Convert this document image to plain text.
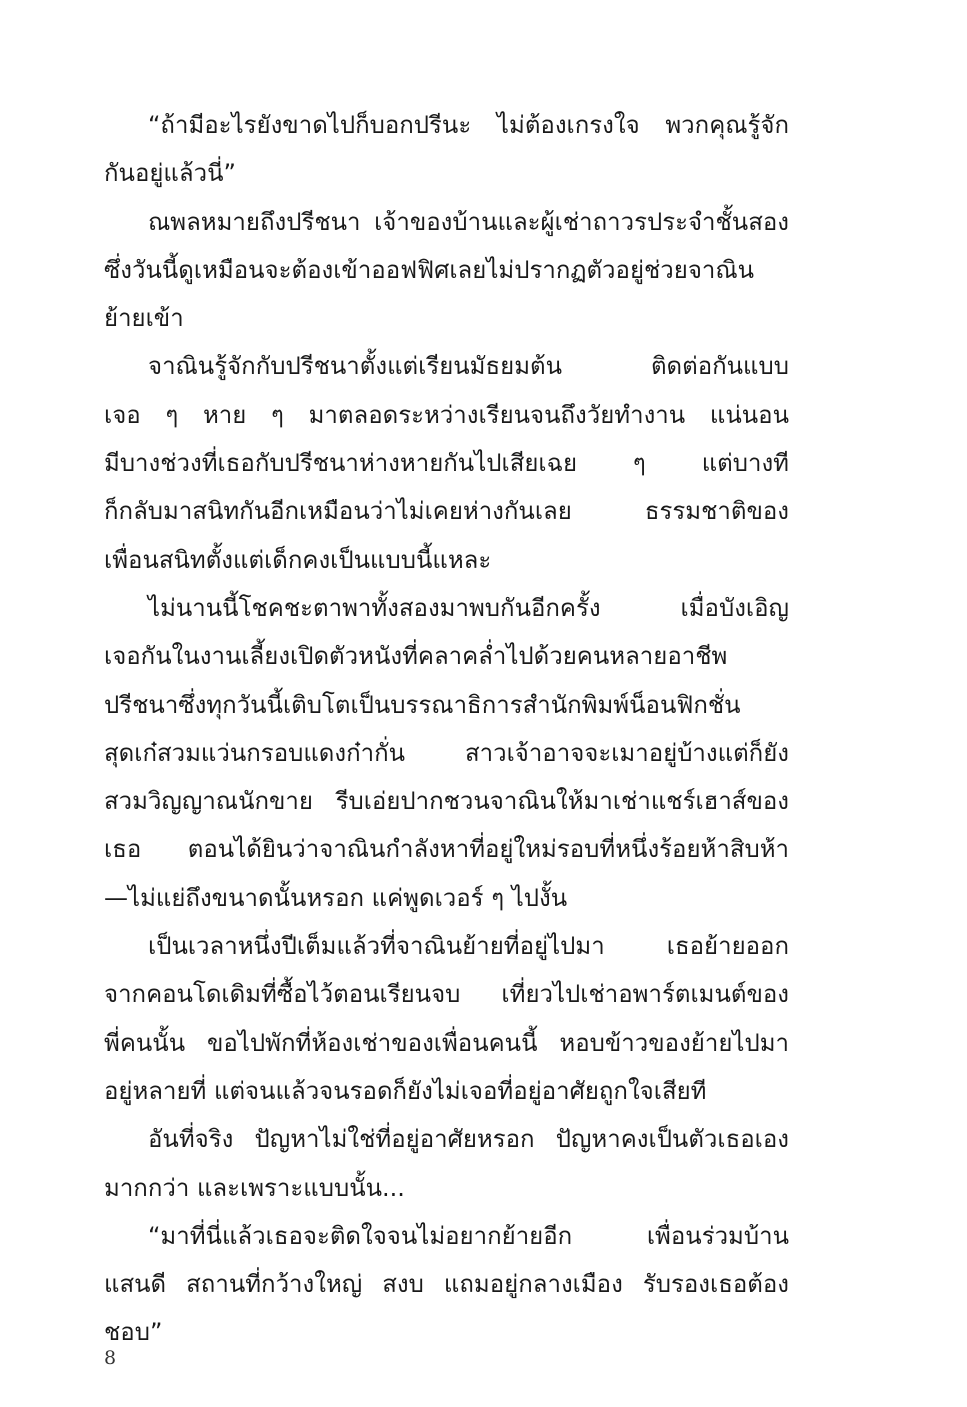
“ถ้ามีอะไรยังขาดไปก็บอกปรีนะ ไม่ต้องเกรงใจ พวกคุณรู้จัก
กันอยู่แล้วนี่”

ณพลหมายถึงปรีชนา เจ้าของบ้านและผู้เช่าถาวรประจำชั้นสอง
ซึ่งวันนี้ดูเหมือนจะต้องเข้าออฟฟิศเลยไม่ปรากฏตัวอยู่ช่วยจาณิน
ย้ายเข้า

จาณินรู้จักกับปรีชนาตั้งแต่เรียนมัธยมต้น ติดต่อกันแบบ
เจอ ๆ หาย ๆ มาตลอดระหว่างเรียนจนถึงวัยทำงาน แน่นอน
มีบางช่วงที่เธอกับปรีชนาห่างหายกันไปเสียเฉย ๆ แต่บางที
ก็กลับมาสนิทกันอีกเหมือนว่าไม่เคยห่างกันเลย ธรรมชาติของ
เพื่อนสนิทตั้งแต่เด็กคงเป็นแบบนี้แหละ

ไม่นานนี้โชคชะตาพาทั้งสองมาพบกันอีกครั้ง เมื่อบังเอิญ
เจอกันในงานเลี้ยงเปิดตัวหนังที่คลาคล่ำไปด้วยคนหลายอาชีพ
ปรีชนาซึ่งทุกวันนี้เติบโตเป็นบรรณาธิการสำนักพิมพ์น็อนฟิกชั่น
สุดเก๋สวมแว่นกรอบแดงก๋ากั่น สาวเจ้าอาจจะเมาอยู่บ้างแต่ก็ยัง
สวมวิญญาณนักขาย รีบเอ่ยปากชวนจาณินให้มาเช่าแชร์เฮาส์ของ
เธอ ตอนได้ยินว่าจาณินกำลังหาที่อยู่ใหม่รอบที่หนึ่งร้อยห้าสิบห้า
—ไม่แย่ถึงขนาดนั้นหรอก แค่พูดเวอร์ ๆ ไปงั้น

เป็นเวลาหนึ่งปีเต็มแล้วที่จาณินย้ายที่อยู่ไปมา เธอย้ายออก
จากคอนโดเดิมที่ซื้อไว้ตอนเรียนจบ เที่ยวไปเช่าอพาร์ตเมนต์ของ
พี่คนนั้น ขอไปพักที่ห้องเช่าของเพื่อนคนนี้ หอบข้าวของย้ายไปมา
อยู่หลายที่ แต่จนแล้วจนรอดก็ยังไม่เจอที่อยู่อาศัยถูกใจเสียที

อันที่จริง ปัญหาไม่ใช่ที่อยู่อาศัยหรอก ปัญหาคงเป็นตัวเธอเอง
มากกว่า และเพราะแบบนั้น...

“มาที่นี่แล้วเธอจะติดใจจนไม่อยากย้ายอีก เพื่อนร่วมบ้าน
แสนดี สถานที่กว้างใหญ่ สงบ แถมอยู่กลางเมือง รับรองเธอต้อง
ชอบ”

8
